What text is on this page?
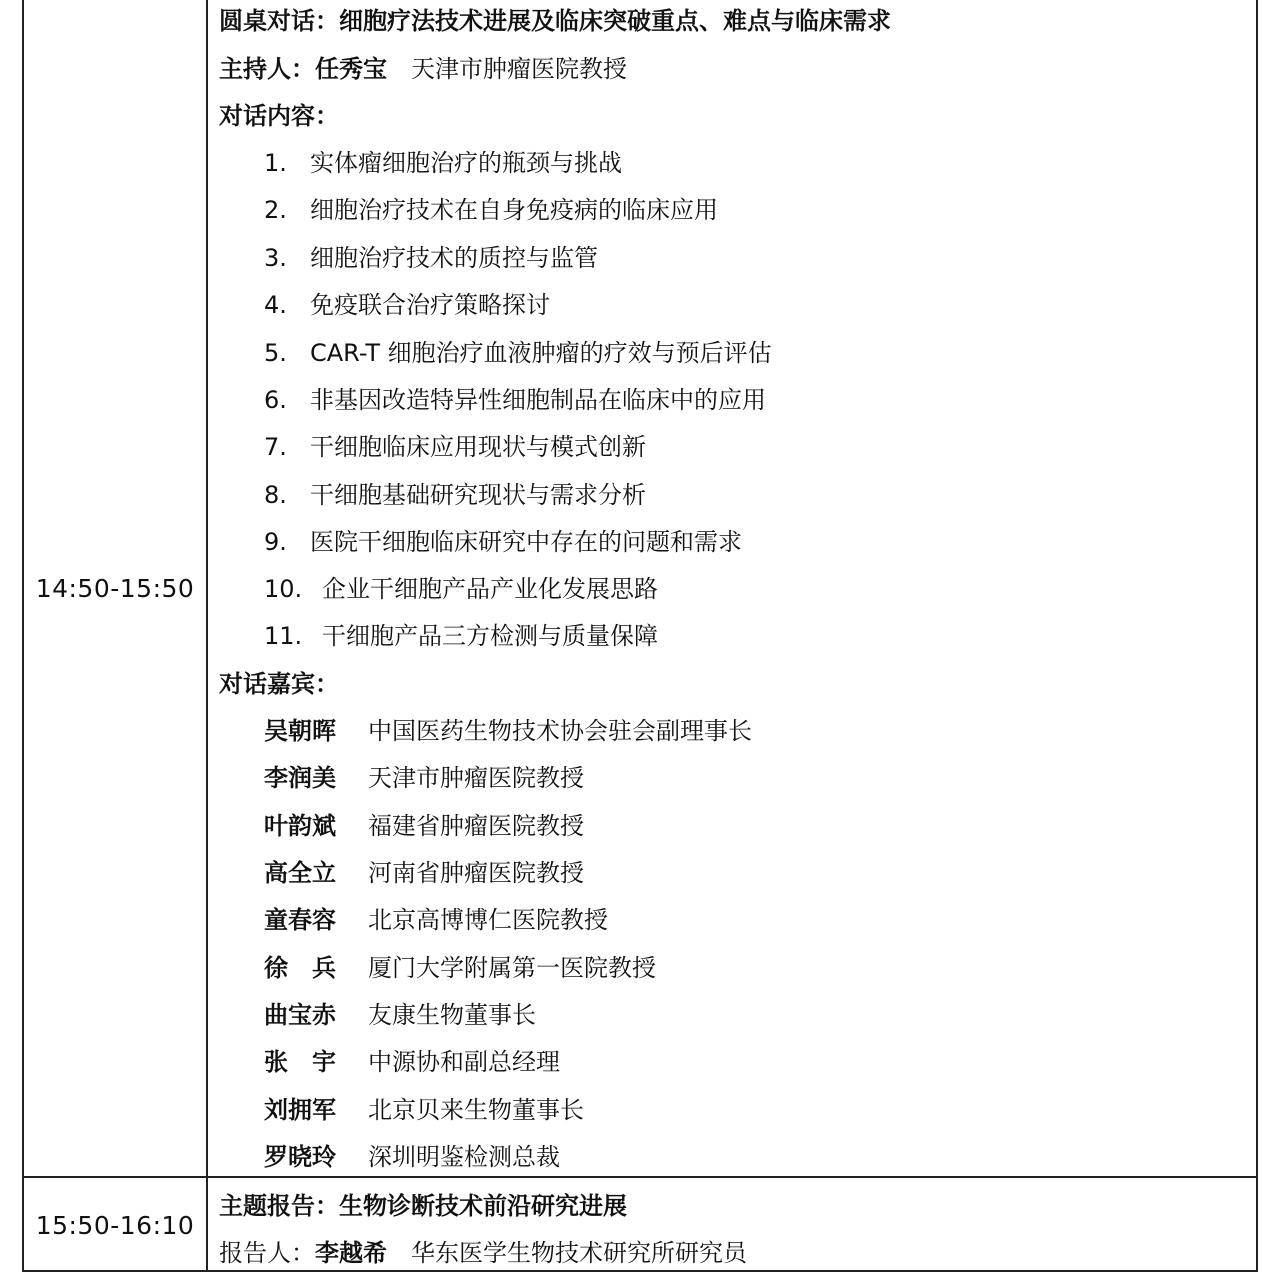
14:50-15:50
圆桌对话：细胞疗法技术进展及临床突破重点、难点与临床需求
主持人：任秀宝 天津市肿瘤医院教授
对话内容：
1. 实体瘤细胞治疗的瓶颈与挑战
2. 细胞治疗技术在自身免疫病的临床应用
3. 细胞治疗技术的质控与监管
4. 免疫联合治疗策略探讨
5. CAR-T 细胞治疗血液肿瘤的疗效与预后评估
6. 非基因改造特异性细胞制品在临床中的应用
7. 干细胞临床应用现状与模式创新
8. 干细胞基础研究现状与需求分析
9. 医院干细胞临床研究中存在的问题和需求
10. 企业干细胞产品产业化发展思路
11. 干细胞产品三方检测与质量保障
对话嘉宾：
吴朝晖 中国医药生物技术协会驻会副理事长
李润美 天津市肿瘤医院教授
叶韵斌 福建省肿瘤医院教授
高全立 河南省肿瘤医院教授
童春容 北京高博博仁医院教授
徐　兵 厦门大学附属第一医院教授
曲宝赤 友康生物董事长
张　宇 中源协和副总经理
刘拥军 北京贝来生物董事长
罗晓玲 深圳明鉴检测总裁
15:50-16:10
主题报告：生物诊断技术前沿研究进展
报告人：李越希 华东医学生物技术研究所研究员
